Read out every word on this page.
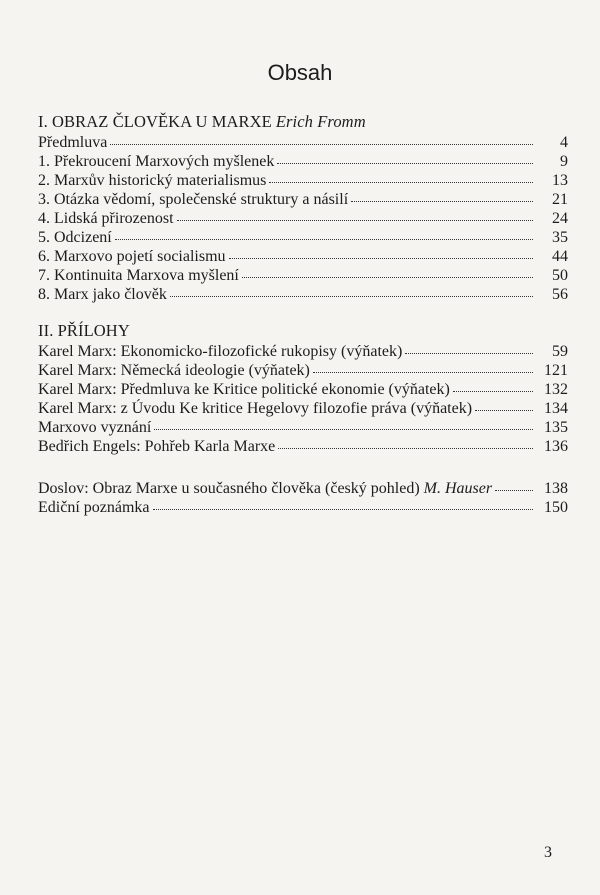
Obsah
I. OBRAZ ČLOVĚKA U MARXE Erich Fromm
Předmluva	4
1. Překroucení Marxových myšlenek	9
2. Marxův historický materialismus	13
3. Otázka vědomí, společenské struktury a násilí	21
4. Lidská přirozenost	24
5. Odcizení	35
6. Marxovo pojetí socialismu	44
7. Kontinuita Marxova myšlení	50
8. Marx jako člověk	56
II. PŘÍLOHY
Karel Marx: Ekonomicko-filozofické rukopisy (výňatek)	59
Karel Marx: Německá ideologie (výňatek)	121
Karel Marx: Předmluva ke Kritice politické ekonomie (výňatek)	132
Karel Marx: z Úvodu Ke kritice Hegelovy filozofie práva (výňatek)	134
Marxovo vyznání	135
Bedřich Engels: Pohřeb Karla Marxe	136
Doslov: Obraz Marxe u současného člověka (český pohled) M. Hauser	138
Ediční poznámka	150
3
